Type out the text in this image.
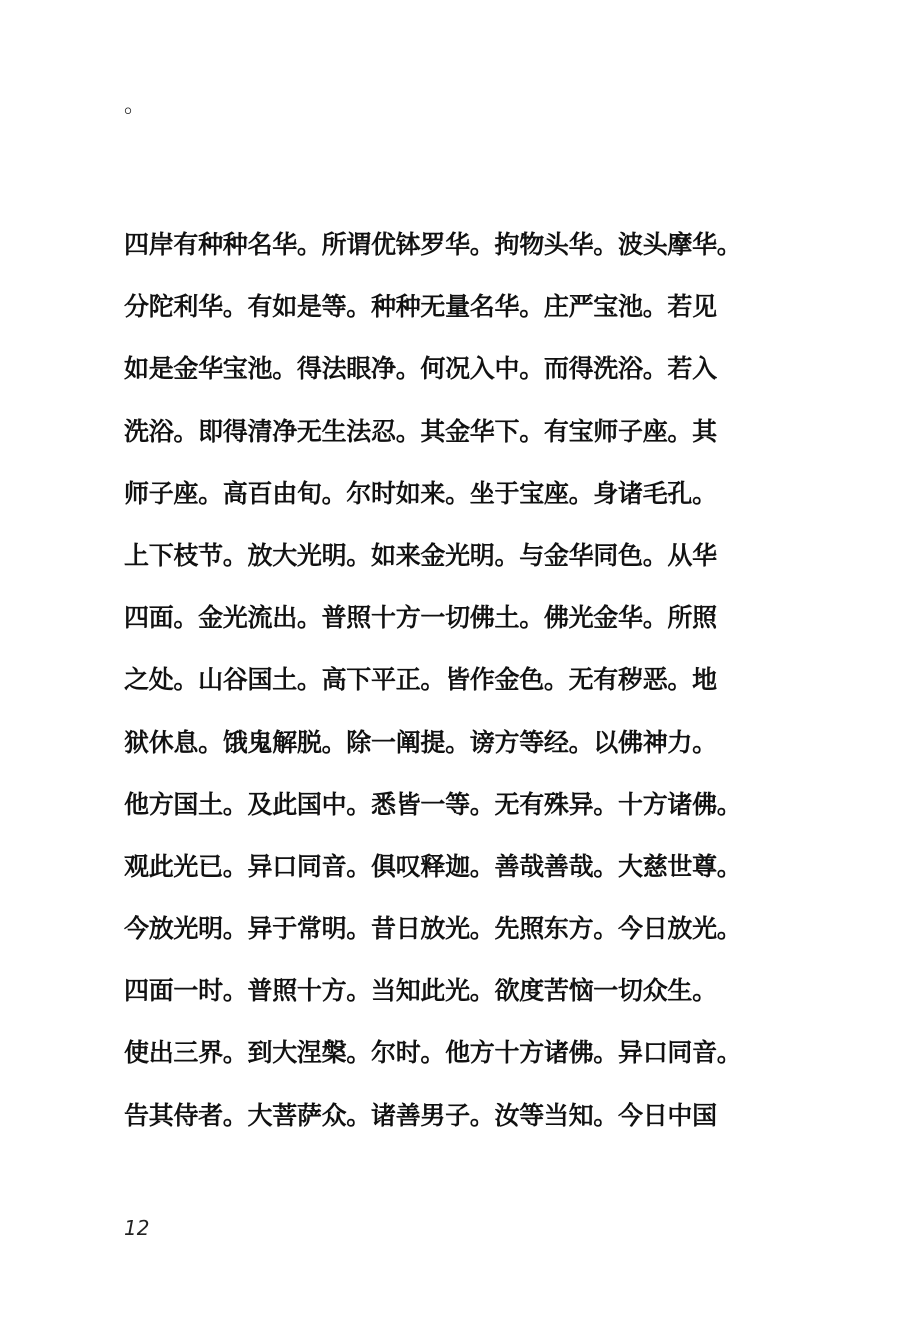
。
四岸有种种名华。所谓优钵罗华。拘物头华。波头摩华。
分陀利华。有如是等。种种无量名华。庄严宝池。若见
如是金华宝池。得法眼净。何况入中。而得洗浴。若入
洗浴。即得清净无生法忍。其金华下。有宝师子座。其
师子座。高百由旬。尔时如来。坐于宝座。身诸毛孔。
上下枝节。放大光明。如来金光明。与金华同色。从华
四面。金光流出。普照十方一切佛土。佛光金华。所照
之处。山谷国土。高下平正。皆作金色。无有秽恶。地
狱休息。饿鬼解脱。除一阐提。谤方等经。以佛神力。
他方国土。及此国中。悉皆一等。无有殊异。十方诸佛。
观此光已。异口同音。俱叹释迦。善哉善哉。大慈世尊。
今放光明。异于常明。昔日放光。先照东方。今日放光。
四面一时。普照十方。当知此光。欲度苦恼一切众生。
使出三界。到大涅槃。尔时。他方十方诸佛。异口同音。
告其侍者。大菩萨众。诸善男子。汝等当知。今日中国
12
